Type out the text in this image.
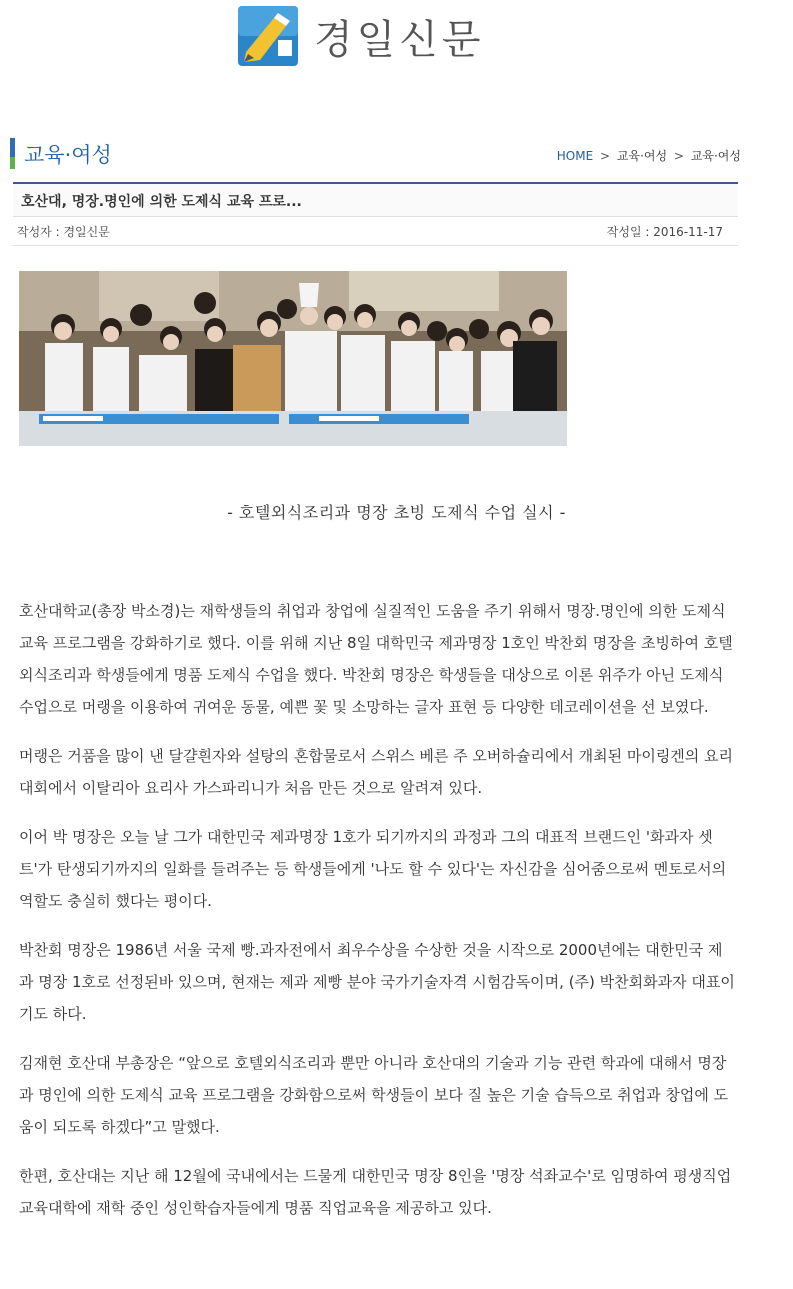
경일신문
교육·여성	HOME > 교육·여성 > 교육·여성
호산대, 명장.명인에 의한 도제식 교육 프로...
작성자 : 경일신문	작성일 : 2016-11-17
- 호텔외식조리과 명장 초빙 도제식 수업 실시 -

호산대학교(총장 박소경)는 재학생들의 취업과 창업에 실질적인 도움을 주기 위해서 명장.명인에 의한 도제식 교육 프로그램을 강화하기로 했다. 이를 위해 지난 8일 대학민국 제과명장 1호인 박찬회 명장을 초빙하여 호텔외식조리과 학생들에게 명품 도제식 수업을 했다. 박찬회 명장은 학생들을 대상으로 이론 위주가 아닌 도제식 수업으로 머랭을 이용하여 귀여운 동물, 예쁜 꽃 및 소망하는 글자 표현 등 다양한 데코레이션을 선 보였다.

머랭은 거품을 많이 낸 달걀흰자와 설탕의 혼합물로서 스위스 베른 주 오버하슐리에서 개최된 마이링겐의 요리대회에서 이탈리아 요리사 가스파리니가 처음 만든 것으로 알려져 있다.

이어 박 명장은 오늘 날 그가 대한민국 제과명장 1호가 되기까지의 과정과 그의 대표적 브랜드인 '화과자 셋트'가 탄생되기까지의 일화를 들려주는 등 학생들에게 '나도 할 수 있다'는 자신감을 심어줌으로써 멘토로서의 역할도 충실히 했다는 평이다.

박찬회 명장은 1986년 서울 국제 빵.과자전에서 최우수상을 수상한 것을 시작으로 2000년에는 대한민국 제과 명장 1호로 선정된바 있으며, 현재는 제과 제빵 분야 국가기술자격 시험감독이며, (주) 박찬회화과자 대표이기도 하다.

김재현 호산대 부총장은 “앞으로 호텔외식조리과 뿐만 아니라 호산대의 기술과 기능 관련 학과에 대해서 명장과 명인에 의한 도제식 교육 프로그램을 강화함으로써 학생들이 보다 질 높은 기술 습득으로 취업과 창업에 도움이 되도록 하겠다”고 말했다.

한편, 호산대는 지난 해 12월에 국내에서는 드물게 대한민국 명장 8인을 '명장 석좌교수'로 임명하여 평생직업교육대학에 재학 중인 성인학습자들에게 명품 직업교육을 제공하고 있다.
